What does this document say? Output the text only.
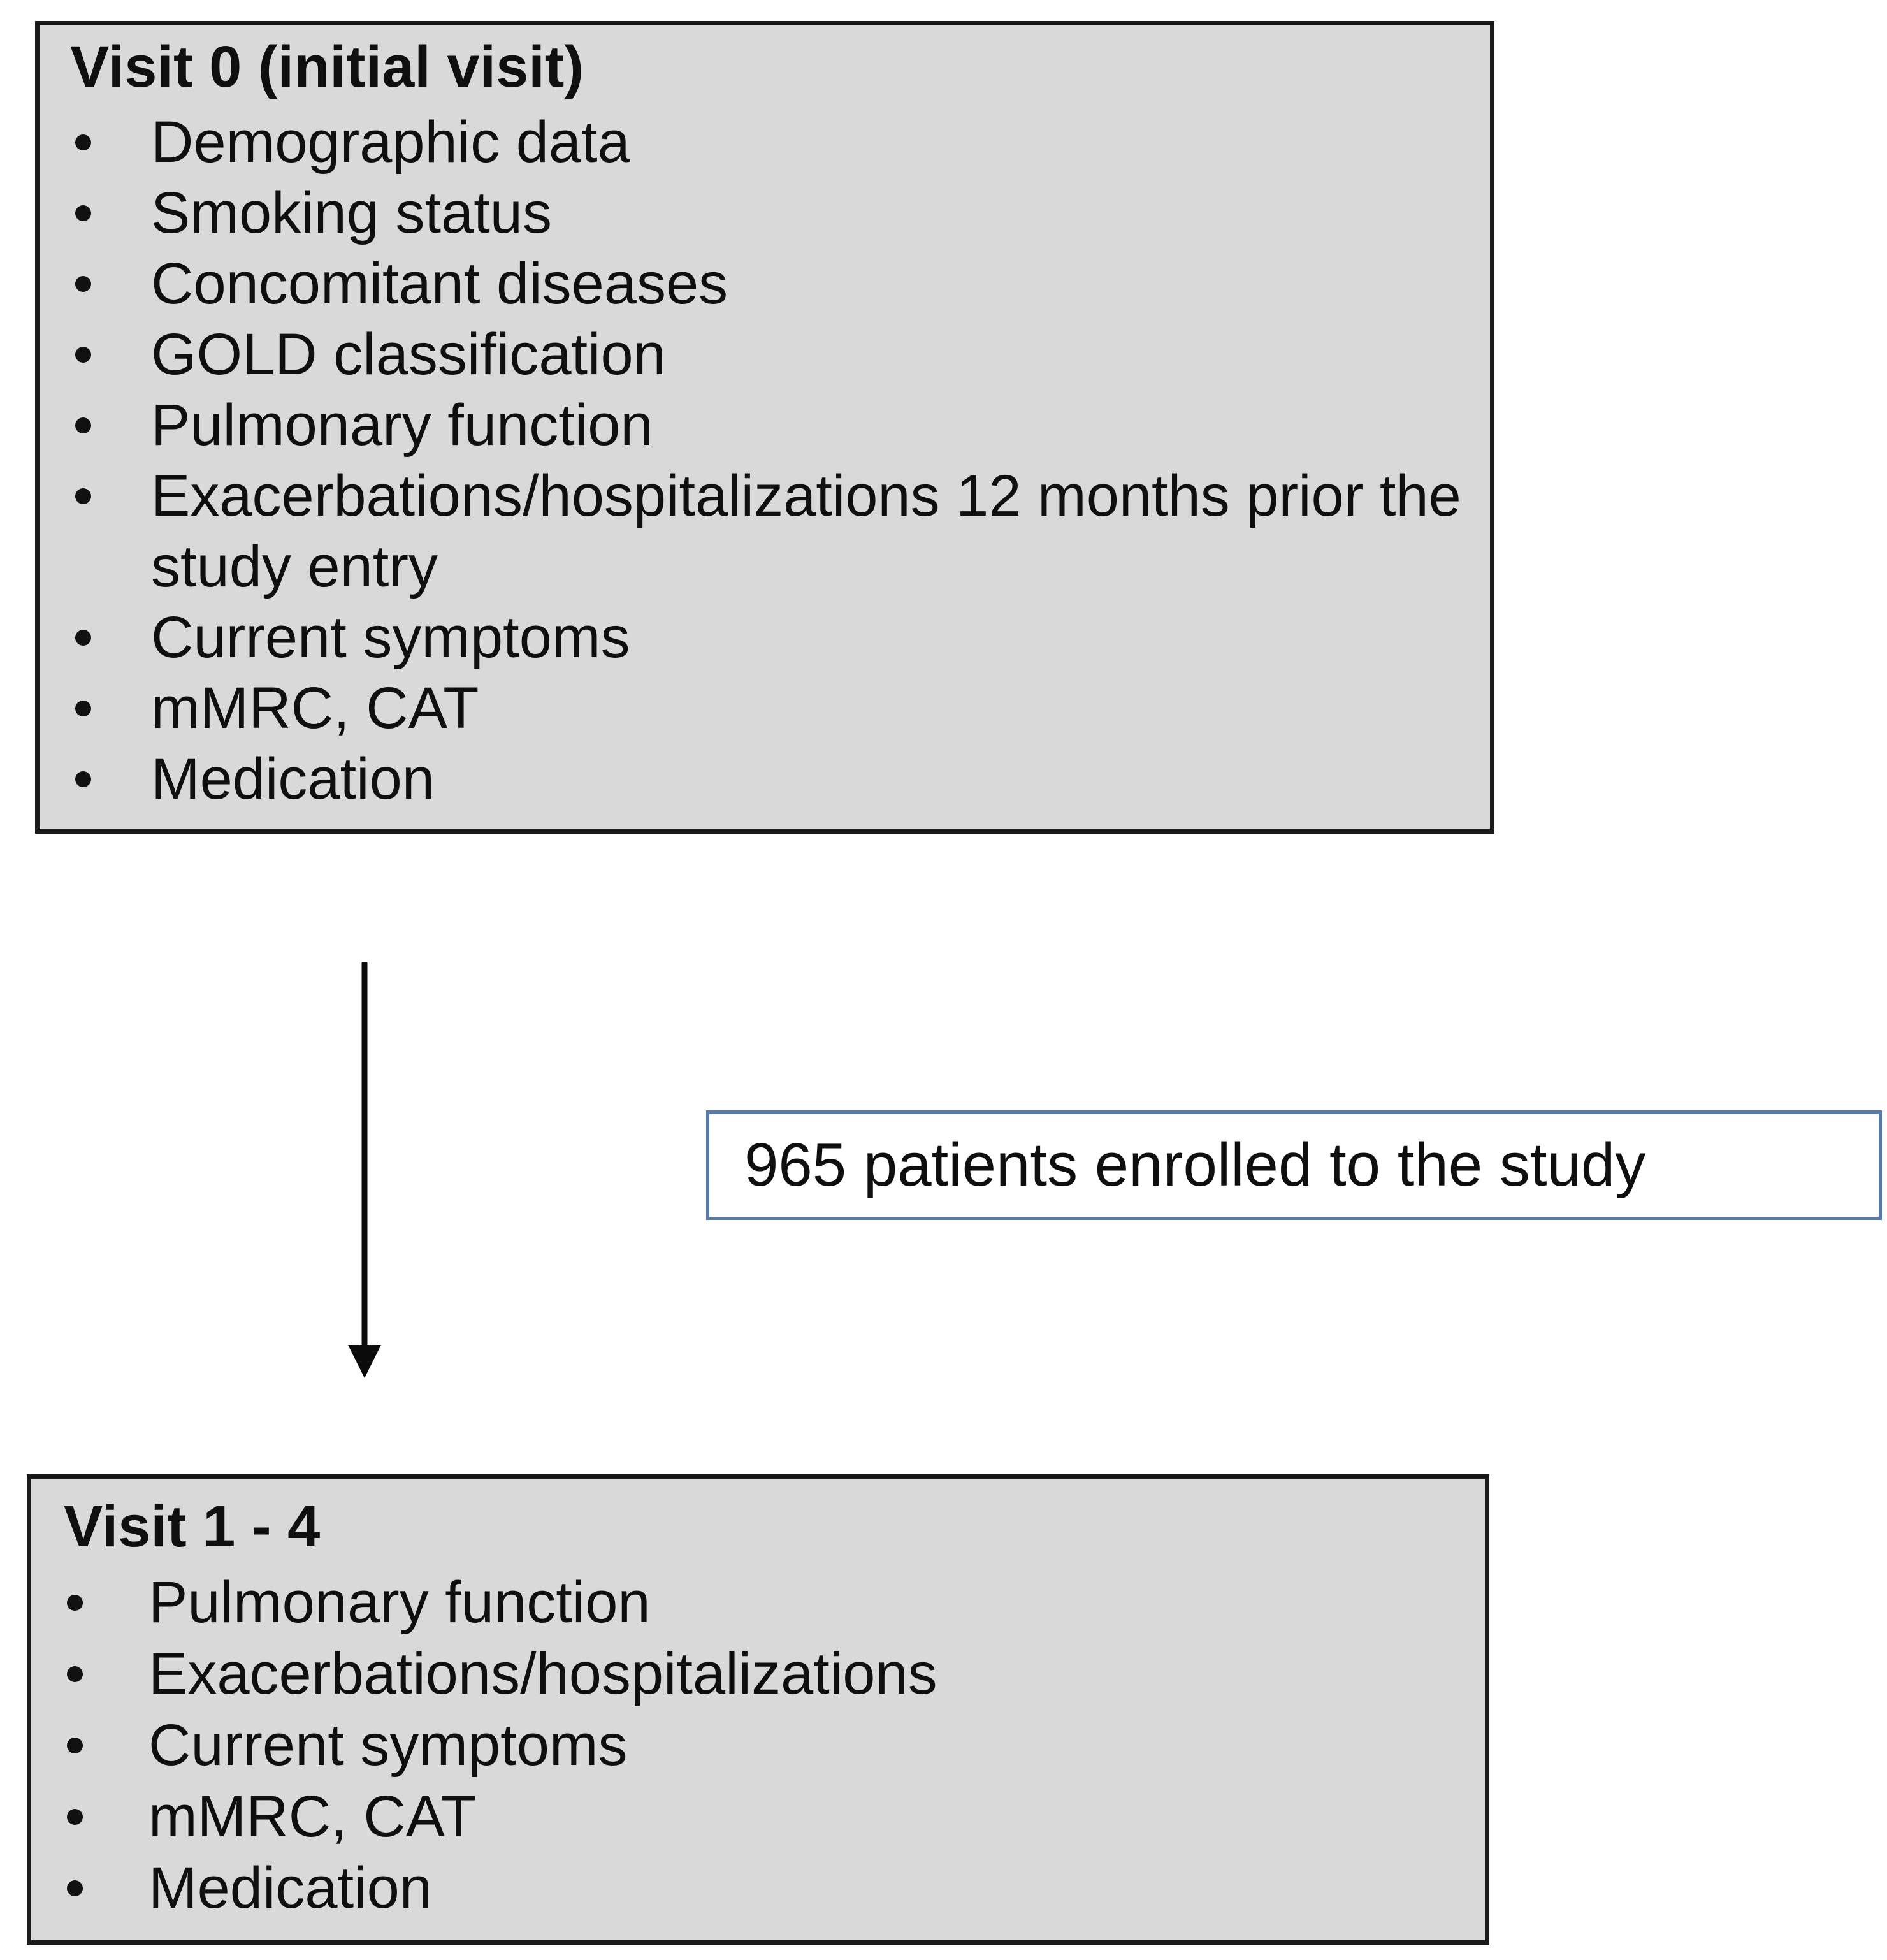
Visit 0 (initial visit)
Demographic data
Smoking status
Concomitant diseases
GOLD classification
Pulmonary function
Exacerbations/hospitalizations 12 months prior the study entry
Current symptoms
mMRC, CAT
Medication
965 patients enrolled to the study
Visit 1 - 4
Pulmonary function
Exacerbations/hospitalizations
Current symptoms
mMRC, CAT
Medication
